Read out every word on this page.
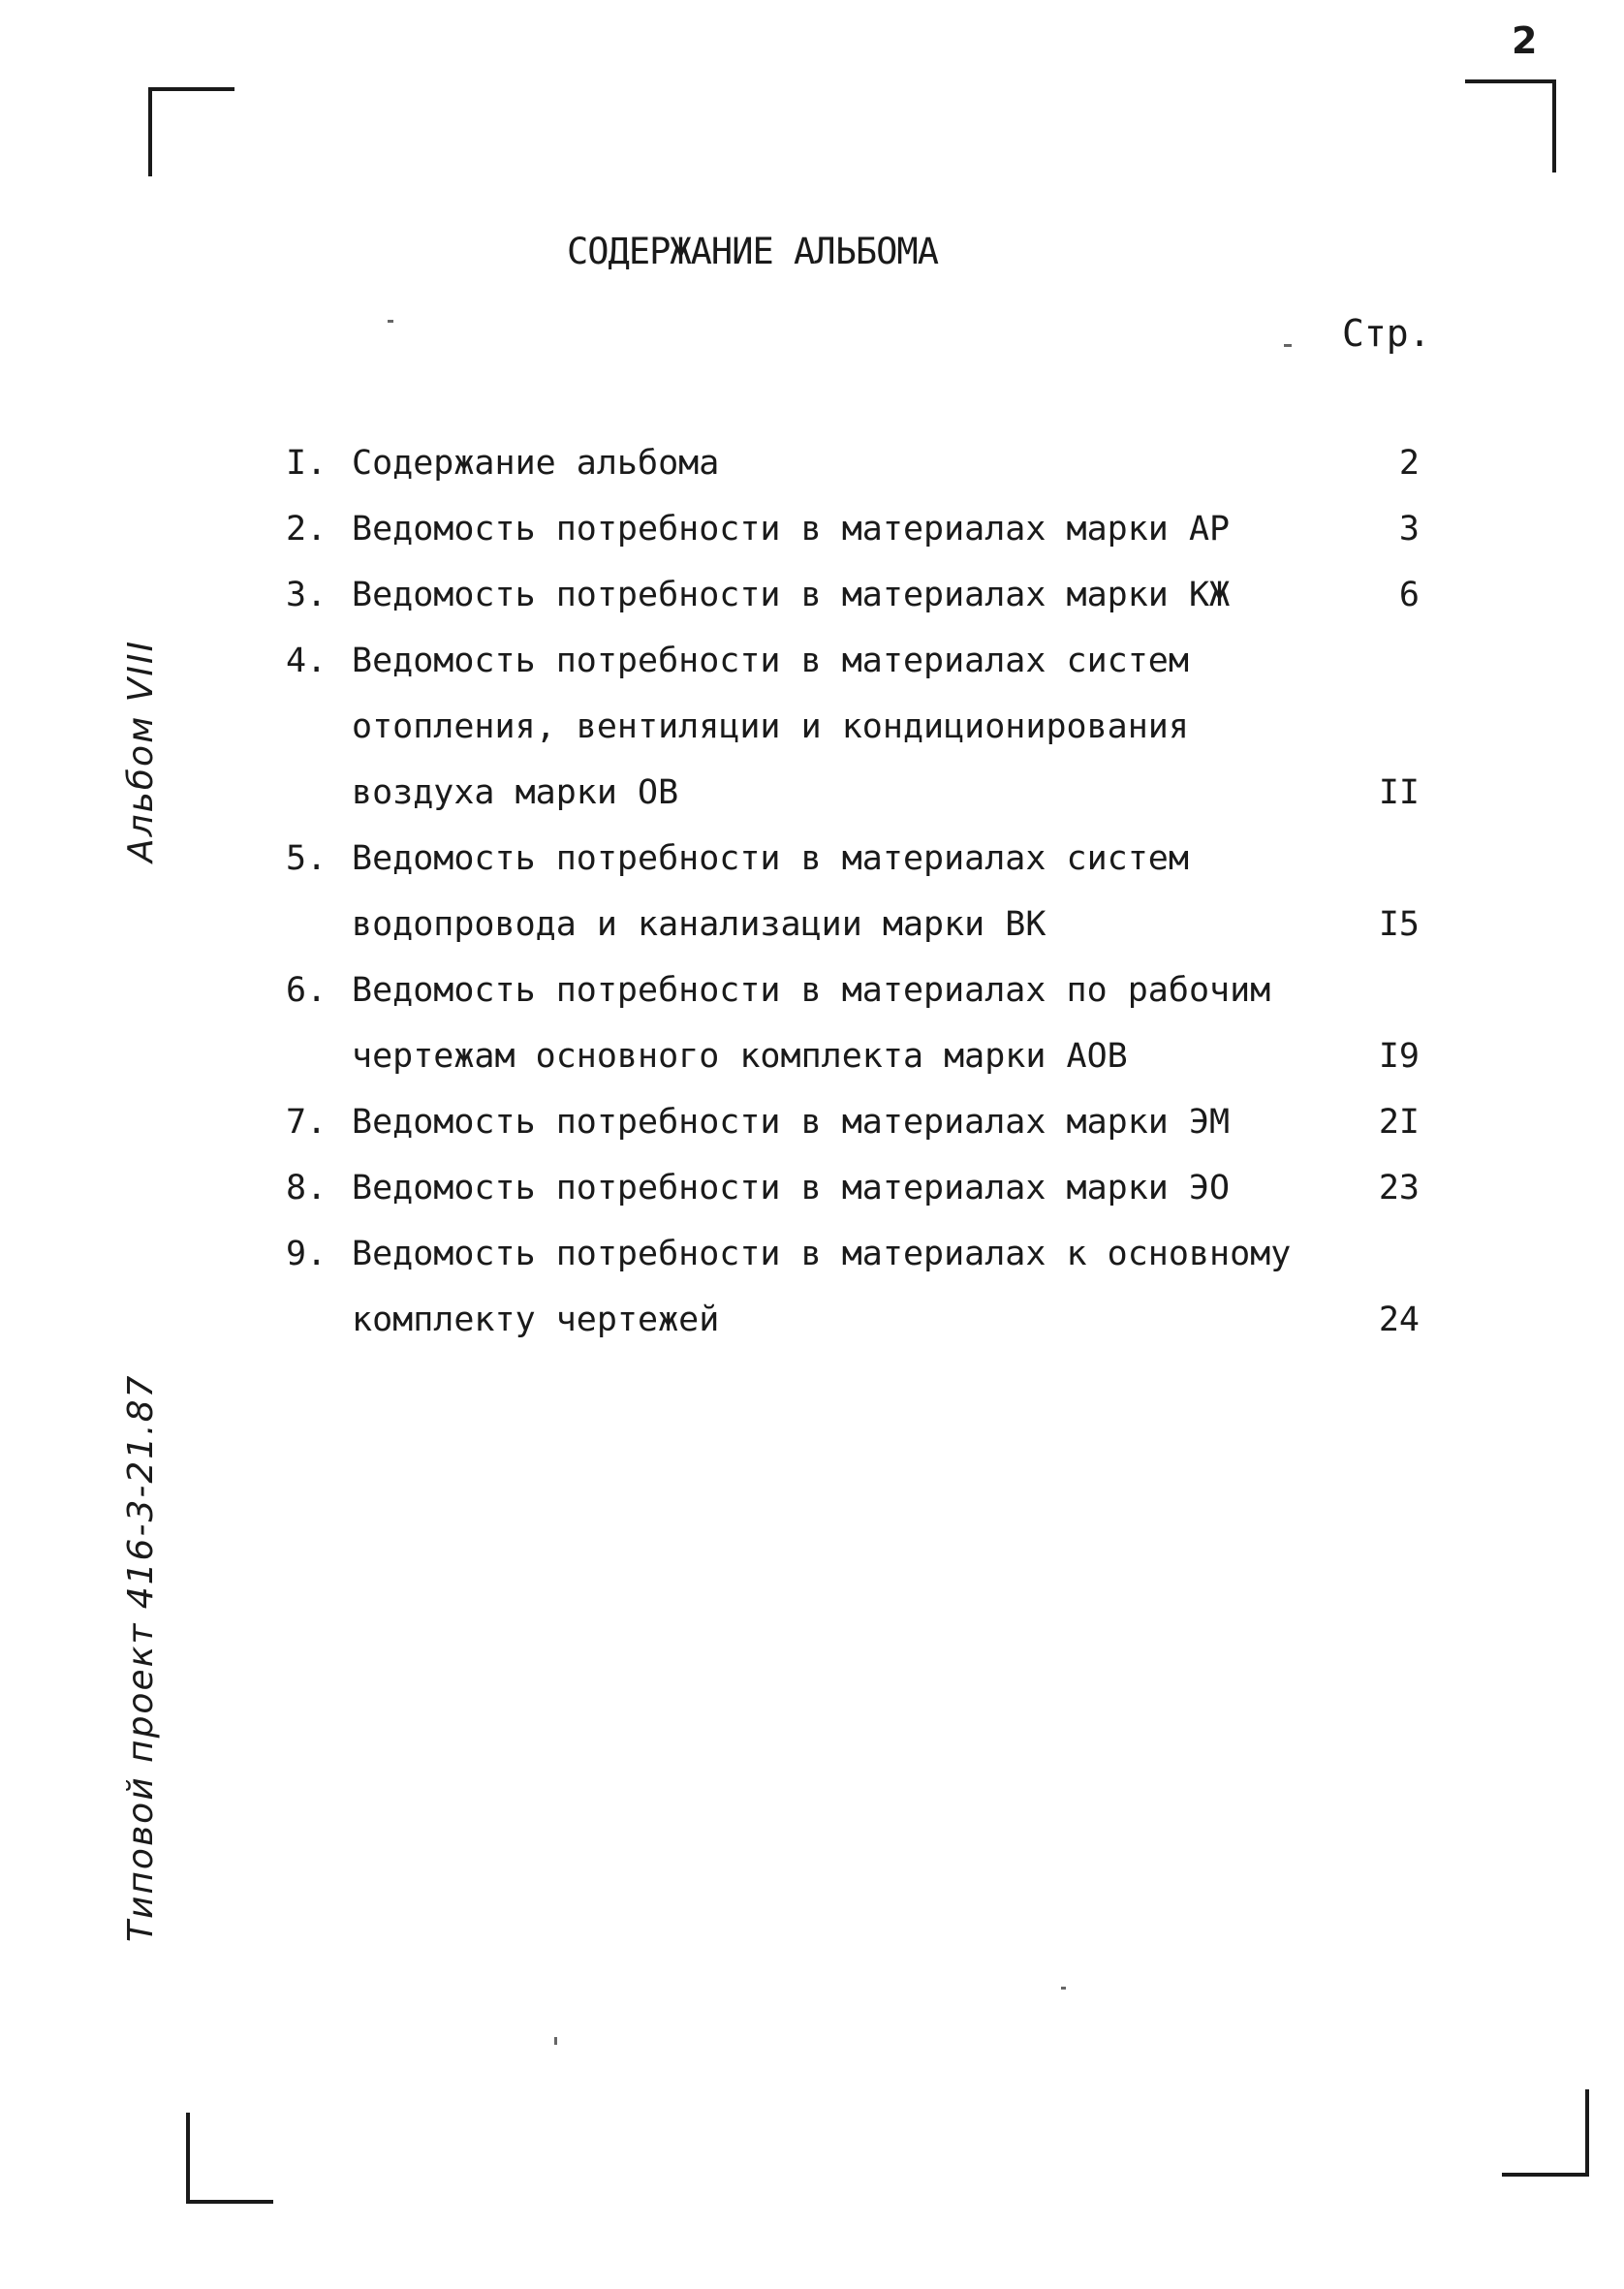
2
СОДЕРЖАНИЕ АЛЬБОМА
Стр.
Альбом VIII
Типовой проект 416-3-21.87
I. Содержание альбома	2
2. Ведомость потребности в материалах марки АР	3
3. Ведомость потребности в материалах марки КЖ	6
4. Ведомость потребности в материалах систем
отопления, вентиляции и кондиционирования
воздуха марки ОВ	II
5. Ведомость потребности в материалах систем
водопровода и канализации марки ВК	I5
6. Ведомость потребности в материалах по рабочим
чертежам основного комплекта марки АОВ	I9
7. Ведомость потребности в материалах марки ЭМ	2I
8. Ведомость потребности в материалах марки ЭО	23
9. Ведомость потребности в материалах к основному
комплекту чертежей	24
